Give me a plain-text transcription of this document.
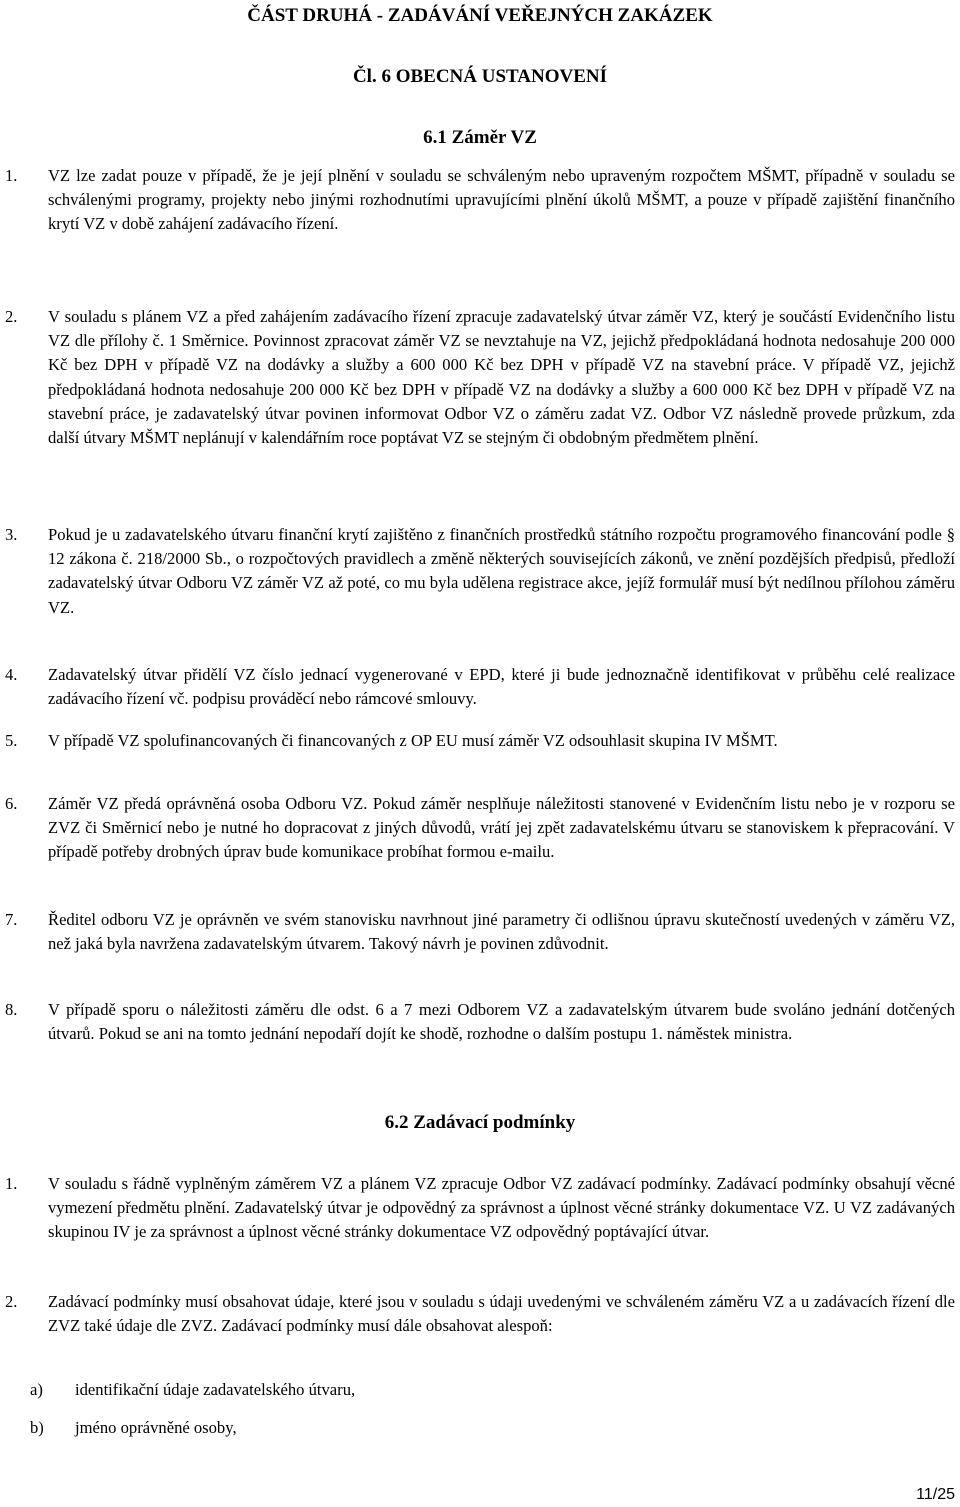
ČÁST DRUHÁ - ZADÁVÁNÍ VEŘEJNÝCH ZAKÁZEK
Čl. 6 OBECNÁ USTANOVENÍ
6.1 Záměr VZ
1.	VZ lze zadat pouze v případě, že je její plnění v souladu se schváleným nebo upraveným rozpočtem MŠMT, případně v souladu se schválenými programy, projekty nebo jinými rozhodnutími upravujícími plnění úkolů MŠMT, a pouze v případě zajištění finančního krytí VZ v době zahájení zadávacího řízení.
2.	V souladu s plánem VZ a před zahájením zadávacího řízení zpracuje zadavatelský útvar záměr VZ, který je součástí Evidenčního listu VZ dle přílohy č. 1 Směrnice. Povinnost zpracovat záměr VZ se nevztahuje na VZ, jejichž předpokládaná hodnota nedosahuje 200 000 Kč bez DPH v případě VZ na dodávky a služby a 600 000 Kč bez DPH v případě VZ na stavební práce. V případě VZ, jejichž předpokládaná hodnota nedosahuje 200 000 Kč bez DPH v případě VZ na dodávky a služby a 600 000 Kč bez DPH v případě VZ na stavební práce, je zadavatelský útvar povinen informovat Odbor VZ o záměru zadat VZ. Odbor VZ následně provede průzkum, zda další útvary MŠMT neplánují v kalendářním roce poptávat VZ se stejným či obdobným předmětem plnění.
3.	Pokud je u zadavatelského útvaru finanční krytí zajištěno z finančních prostředků státního rozpočtu programového financování podle § 12 zákona č. 218/2000 Sb., o rozpočtových pravidlech a změně některých souvisejících zákonů, ve znění pozdějších předpisů, předloží zadavatelský útvar Odboru VZ záměr VZ až poté, co mu byla udělena registrace akce, jejíž formulář musí být nedílnou přílohou záměru VZ.
4.	Zadavatelský útvar přidělí VZ číslo jednací vygenerované v EPD, které ji bude jednoznačně identifikovat v průběhu celé realizace zadávacího řízení vč. podpisu prováděcí nebo rámcové smlouvy.
5.	V případě VZ spolufinancovaných či financovaných z OP EU musí záměr VZ odsouhlasit skupina IV MŠMT.
6.	Záměr VZ předá oprávněná osoba Odboru VZ. Pokud záměr nesplňuje náležitosti stanovené v Evidenčním listu nebo je v rozporu se ZVZ či Směrnicí nebo je nutné ho dopracovat z jiných důvodů, vrátí jej zpět zadavatelskému útvaru se stanoviskem k přepracování. V případě potřeby drobných úprav bude komunikace probíhat formou e-mailu.
7.	Ředitel odboru VZ je oprávněn ve svém stanovisku navrhnout jiné parametry či odlišnou úpravu skutečností uvedených v záměru VZ, než jaká byla navržena zadavatelským útvarem. Takový návrh je povinen zdůvodnit.
8.	V případě sporu o náležitosti záměru dle odst. 6 a 7 mezi Odborem VZ a zadavatelským útvarem bude svoláno jednání dotčených útvarů. Pokud se ani na tomto jednání nepodaří dojít ke shodě, rozhodne o dalším postupu 1. náměstek ministra.
6.2 Zadávací podmínky
1.	V souladu s řádně vyplněným záměrem VZ a plánem VZ zpracuje Odbor VZ zadávací podmínky. Zadávací podmínky obsahují věcné vymezení předmětu plnění. Zadavatelský útvar je odpovědný za správnost a úplnost věcné stránky dokumentace VZ. U VZ zadávaných skupinou IV je za správnost a úplnost věcné stránky dokumentace VZ odpovědný poptávající útvar.
2.	Zadávací podmínky musí obsahovat údaje, které jsou v souladu s údaji uvedenými ve schváleném záměru VZ a u zadávacích řízení dle ZVZ také údaje dle ZVZ. Zadávací podmínky musí dále obsahovat alespoň:
a) identifikační údaje zadavatelského útvaru,
b) jméno oprávněné osoby,
11/25
